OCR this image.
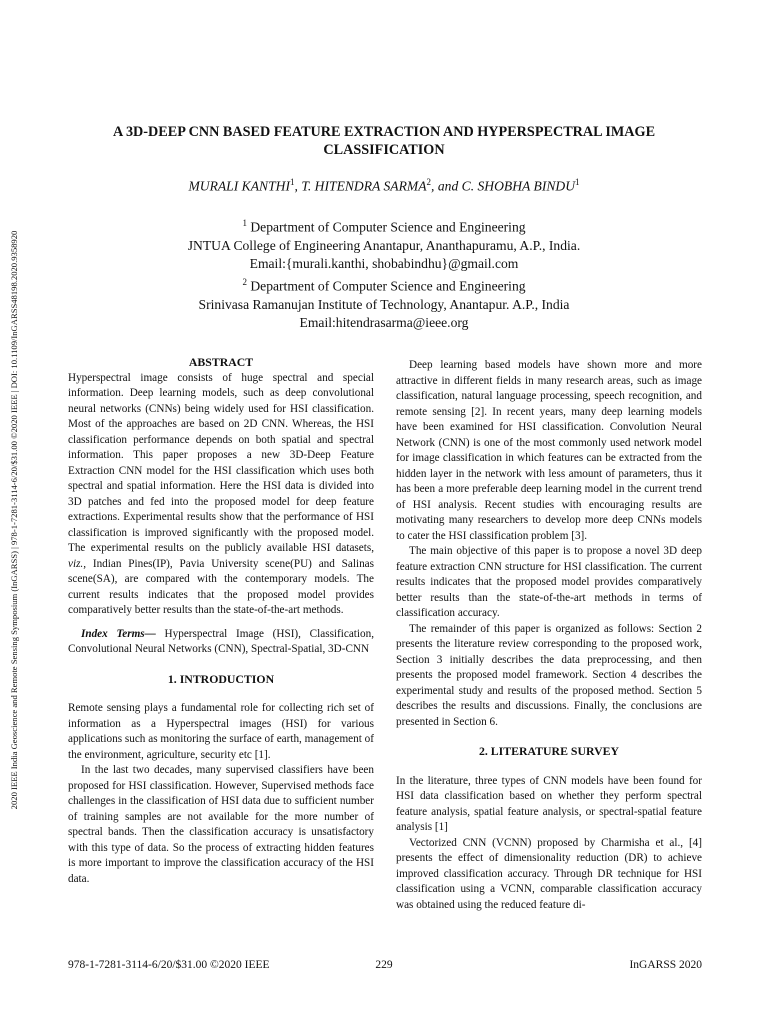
2020 IEEE India Geoscience and Remote Sensing Symposium (InGARSS) | 978-1-7281-3114-6/20/$31.00 ©2020 IEEE | DOI: 10.1109/InGARSS48198.2020.9358920
A 3D-DEEP CNN BASED FEATURE EXTRACTION AND HYPERSPECTRAL IMAGE
CLASSIFICATION
MURALI KANTHI$^1$, T. HITENDRA SARMA$^2$, and C. SHOBHA BINDU$^1$
$^1$ Department of Computer Science and Engineering
JNTUA College of Engineering Anantapur, Ananthapuramu, A.P., India.
Email:{murali.kanthi, shobabindhu}@gmail.com
$^2$ Department of Computer Science and Engineering
Srinivasa Ramanujan Institute of Technology, Anantapur. A.P., India
Email:hitendrasarma@ieee.org

ABSTRACT

Hyperspectral image consists of huge spectral and special information. Deep learning models, such as deep convolutional neural networks (CNNs) being widely used for HSI classification. Most of the approaches are based on 2D CNN. Whereas, the HSI classification performance depends on both spatial and spectral information. This paper proposes a new 3D-Deep Feature Extraction CNN model for the HSI classification which uses both spectral and spatial information. Here the HSI data is divided into 3D patches and fed into the proposed model for deep feature extractions. Experimental results show that the performance of HSI classification is improved significantly with the proposed model. The experimental results on the publicly available HSI datasets, viz., Indian Pines(IP), Pavia University scene(PU) and Salinas scene(SA), are compared with the contemporary models. The current results indicates that the proposed model provides comparatively better results than the state-of-the-art methods.

Index Terms— Hyperspectral Image (HSI), Classification, Convolutional Neural Networks (CNN), Spectral-Spatial, 3D-CNN

1. INTRODUCTION

Remote sensing plays a fundamental role for collecting rich set of information as a Hyperspectral images (HSI) for various applications such as monitoring the surface of earth, management of the environment, agriculture, security etc [1].

In the last two decades, many supervised classifiers have been proposed for HSI classification. However, Supervised methods face challenges in the classification of HSI data due to sufficient number of training samples are not available for the more number of spectral bands. Then the classification accuracy is unsatisfactory with this type of data. So the process of extracting hidden features is more important to improve the classification accuracy of the HSI data.

Deep learning based models have shown more and more attractive in different fields in many research areas, such as image classification, natural language processing, speech recognition, and remote sensing [2]. In recent years, many deep learning models have been examined for HSI classification. Convolution Neural Network (CNN) is one of the most commonly used network model for image classification in which features can be extracted from the hidden layer in the network with less amount of parameters, thus it has been a more preferable deep learning model in the current trend of HSI analysis. Recent studies with encouraging results are motivating many researchers to develop more deep CNNs models to cater the HSI classification problem [3].

The main objective of this paper is to propose a novel 3D deep feature extraction CNN structure for HSI classification. The current results indicates that the proposed model provides comparatively better results than the state-of-the-art methods in terms of classification accuracy.

The remainder of this paper is organized as follows: Section 2 presents the literature review corresponding to the proposed work, Section 3 initially describes the data preprocessing, and then presents the proposed model framework. Section 4 describes the experimental study and results of the proposed method. Section 5 describes the results and discussions. Finally, the conclusions are presented in Section 6.

2. LITERATURE SURVEY

In the literature, three types of CNN models have been found for HSI data classification based on whether they perform spectral feature analysis, spatial feature analysis, or spectral-spatial feature analysis [1]

Vectorized CNN (VCNN) proposed by Charmisha et al., [4] presents the effect of dimensionality reduction (DR) to achieve improved classification accuracy. Through DR technique for HSI classification using a VCNN, comparable classification accuracy was obtained using the reduced feature di-

978-1-7281-3114-6/20/$31.00 ©2020 IEEE	229	InGARSS 2020
